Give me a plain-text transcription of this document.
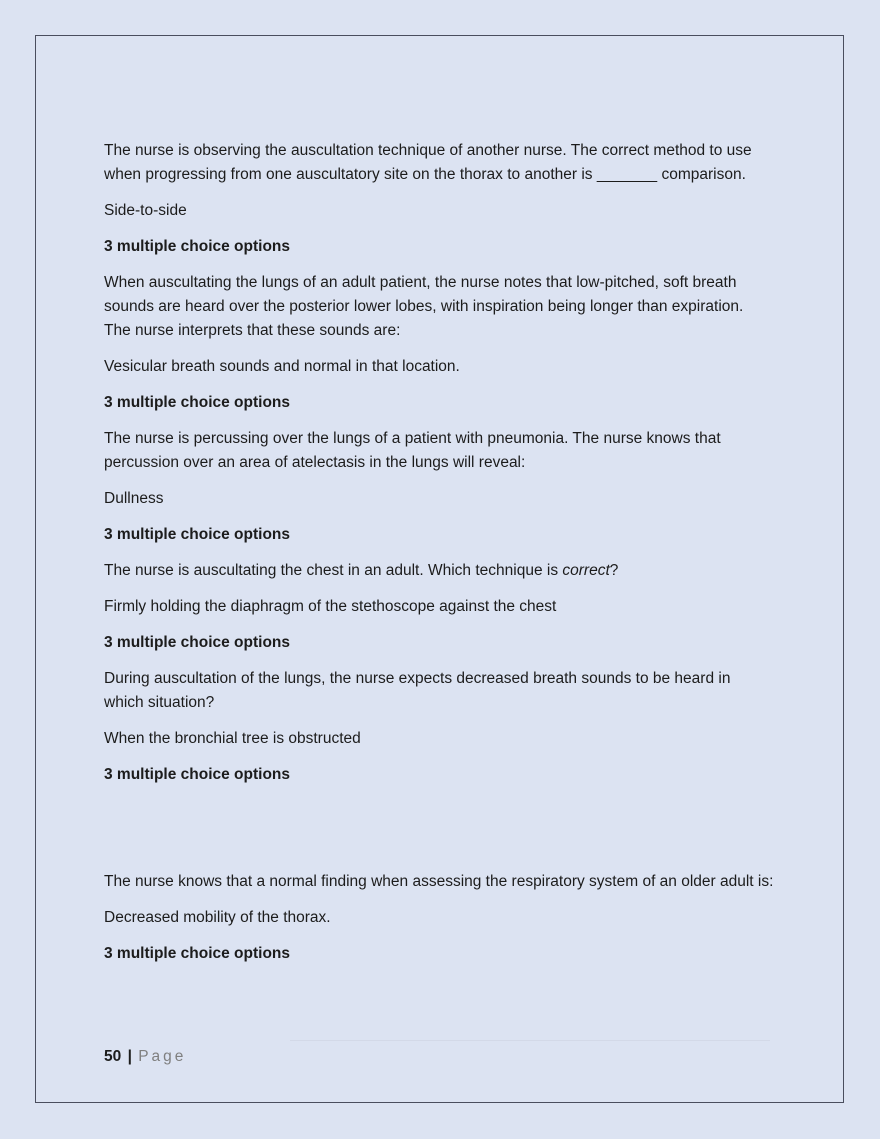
The nurse is observing the auscultation technique of another nurse. The correct method to use when progressing from one auscultatory site on the thorax to another is _______ comparison.

Side-to-side

3 multiple choice options

When auscultating the lungs of an adult patient, the nurse notes that low-pitched, soft breath sounds are heard over the posterior lower lobes, with inspiration being longer than expiration. The nurse interprets that these sounds are:

Vesicular breath sounds and normal in that location.

3 multiple choice options

The nurse is percussing over the lungs of a patient with pneumonia. The nurse knows that percussion over an area of atelectasis in the lungs will reveal:

Dullness

3 multiple choice options

The nurse is auscultating the chest in an adult. Which technique is correct?

Firmly holding the diaphragm of the stethoscope against the chest

3 multiple choice options

During auscultation of the lungs, the nurse expects decreased breath sounds to be heard in which situation?

When the bronchial tree is obstructed

3 multiple choice options

The nurse knows that a normal finding when assessing the respiratory system of an older adult is:

Decreased mobility of the thorax.

3 multiple choice options

50 | Page
